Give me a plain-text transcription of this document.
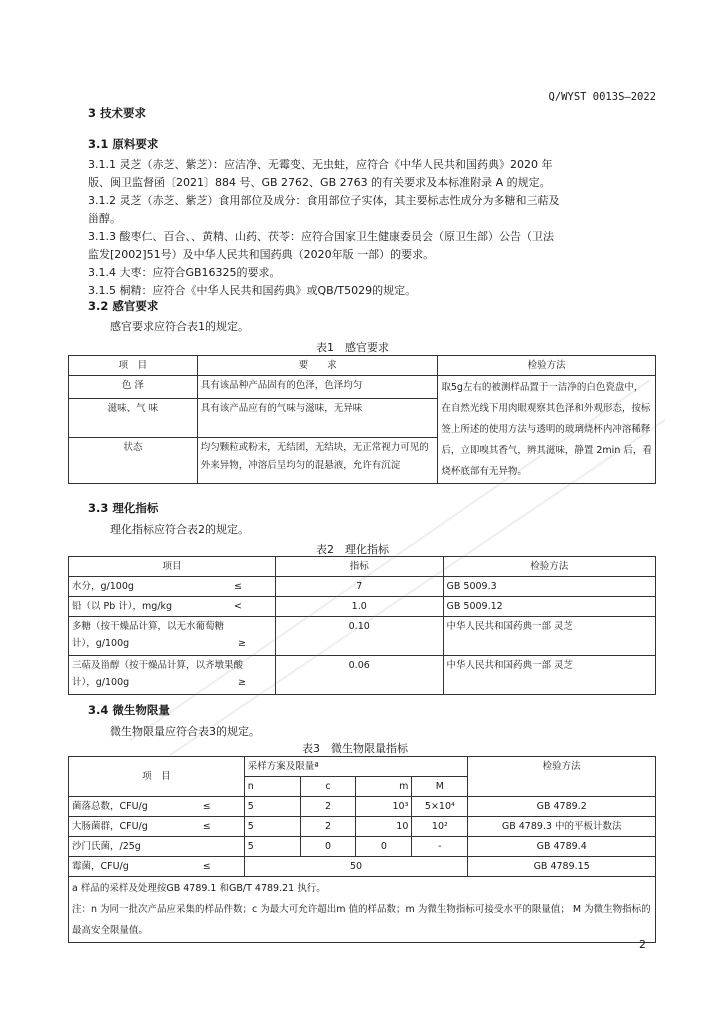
Q/WYST 0013S—2022
3 技术要求
3.1 原料要求
3.1.1 灵芝（赤芝、紫芝）：应洁净、无霉变、无虫蛀，应符合《中华人民共和国药典》2020 年
版、闽卫监督函〔2021〕884 号、GB 2762、GB 2763 的有关要求及本标准附录 A 的规定。
3.1.2 灵芝（赤芝、紫芝）食用部位及成分：食用部位子实体，其主要标志性成分为多糖和三萜及
甾醇。
3.1.3 酸枣仁、百合、、黄精、山药、茯苓：应符合国家卫生健康委员会（原卫生部）公告（卫法
监发[2002]51号）及中华人民共和国药典（2020年版 一部）的要求。
3.1.4 大枣：应符合GB16325的要求。
3.1.5 桐精：应符合《中华人民共和国药典》或QB/T5029的规定。
3.2 感官要求
感官要求应符合表1的规定。
表1　感官要求
项　目	要　　求	检验方法
色 泽	具有该品种产品固有的色泽，色泽均匀	取5g左右的被测样品置于一洁净的白色瓷盘中，在自然光线下用肉眼观察其色泽和外观形态，按标签上所述的使用方法与透明的玻璃烧杯内冲溶稀释后，立即嗅其香气，辨其滋味，静置 2min 后，看烧杯底部有无异物。
滋味、气 味	具有该产品应有的气味与滋味，无异味	
状态	均匀颗粒或粉末，无结团，无结块，无正常视力可见的外来异物，冲溶后呈均匀的混悬液，允许有沉淀	
3.3 理化指标
理化指标应符合表2的规定。
表2　理化指标
项目	指标	检验方法

水分，g/100g ≤	7	GB 5009.3

铅（以 Pb 计），mg/kg <	1.0	GB 5009.12

多糖（按干燥品计算，以无水葡萄糖计），g/100g ≥	0.10	中华人民共和国药典一部 灵芝

三萜及甾醇（按干燥品计算，以齐墩果酸计），g/100g ≥	0.06	中华人民共和国药典一部 灵芝
3.4 微生物限量
微生物限量应符合表3的规定。
表3　微生物限量指标
项　目	采样方案及限量ª				检验方法
	n	c	m	M	

菌落总数，CFU/g ≤	5	2	10³	5×10⁴	GB 4789.2

大肠菌群，CFU/g ≤	5	2	10	10²	GB 4789.3 中的平板计数法

沙门氏菌，/25g	5	0	0	-	GB 4789.4

霉菌，CFU/g ≤	50				GB 4789.15

a 样品的采样及处理按GB 4789.1 和GB/T 4789.21 执行。
注：n 为同一批次产品应采集的样品件数；c 为最大可允许超出m 值的样品数；m 为微生物指标可接受水平的限量值； M 为微生物指标的最高安全限量值。					
2
